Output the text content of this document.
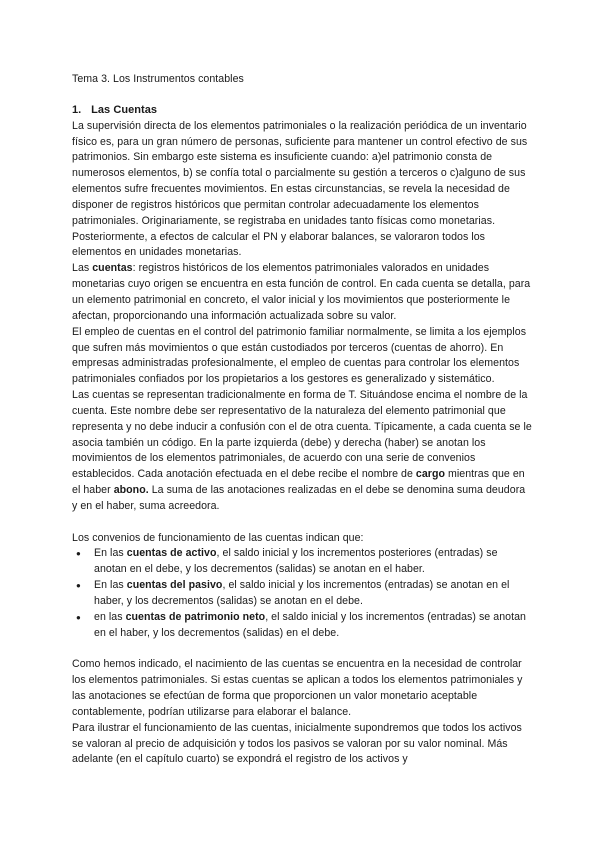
Tema 3. Los Instrumentos contables

1. Las Cuentas

La supervisión directa de los elementos patrimoniales o la realización periódica de un inventario físico es, para un gran número de personas, suficiente para mantener un control efectivo de sus patrimonios. Sin embargo este sistema es insuficiente cuando: a)el patrimonio consta de numerosos elementos, b) se confía total o parcialmente su gestión a terceros o c)alguno de sus elementos sufre frecuentes movimientos. En estas circunstancias, se revela la necesidad de disponer de registros históricos que permitan controlar adecuadamente los elementos patrimoniales. Originariamente, se registraba en unidades tanto físicas como monetarias. Posteriormente, a efectos de calcular el PN y elaborar balances, se valoraron todos los elementos en unidades monetarias.

Las cuentas: registros históricos de los elementos patrimoniales valorados en unidades monetarias cuyo origen se encuentra en esta función de control. En cada cuenta se detalla, para un elemento patrimonial en concreto, el valor inicial y los movimientos que posteriormente le afectan, proporcionando una información actualizada sobre su valor.

El empleo de cuentas en el control del patrimonio familiar normalmente, se limita a los ejemplos que sufren más movimientos o que están custodiados por terceros (cuentas de ahorro). En empresas administradas profesionalmente, el empleo de cuentas para controlar los elementos patrimoniales confiados por los propietarios a los gestores es generalizado y sistemático.

Las cuentas se representan tradicionalmente en forma de T. Situándose encima el nombre de la cuenta. Este nombre debe ser representativo de la naturaleza del elemento patrimonial que representa y no debe inducir a confusión con el de otra cuenta. Típicamente, a cada cuenta se le asocia también un código. En la parte izquierda (debe) y derecha (haber) se anotan los movimientos de los elementos patrimoniales, de acuerdo con una serie de convenios establecidos. Cada anotación efectuada en el debe recibe el nombre de cargo mientras que en el haber abono. La suma de las anotaciones realizadas en el debe se denomina suma deudora y en el haber, suma acreedora.

Los convenios de funcionamiento de las cuentas indican que:

● En las cuentas de activo, el saldo inicial y los incrementos posteriores (entradas) se anotan en el debe, y los decrementos (salidas) se anotan en el haber.
● En las cuentas del pasivo, el saldo inicial y los incrementos (entradas) se anotan en el haber, y los decrementos (salidas) se anotan en el debe.
● en las cuentas de patrimonio neto, el saldo inicial y los incrementos (entradas) se anotan en el haber, y los decrementos (salidas) en el debe.

Como hemos indicado, el nacimiento de las cuentas se encuentra en la necesidad de controlar los elementos patrimoniales. Si estas cuentas se aplican a todos los elementos patrimoniales y las anotaciones se efectúan de forma que proporcionen un valor monetario aceptable contablemente, podrían utilizarse para elaborar el balance.

Para ilustrar el funcionamiento de las cuentas, inicialmente supondremos que todos los activos se valoran al precio de adquisición y todos los pasivos se valoran por su valor nominal. Más adelante (en el capítulo cuarto) se expondrá el registro de los activos y
